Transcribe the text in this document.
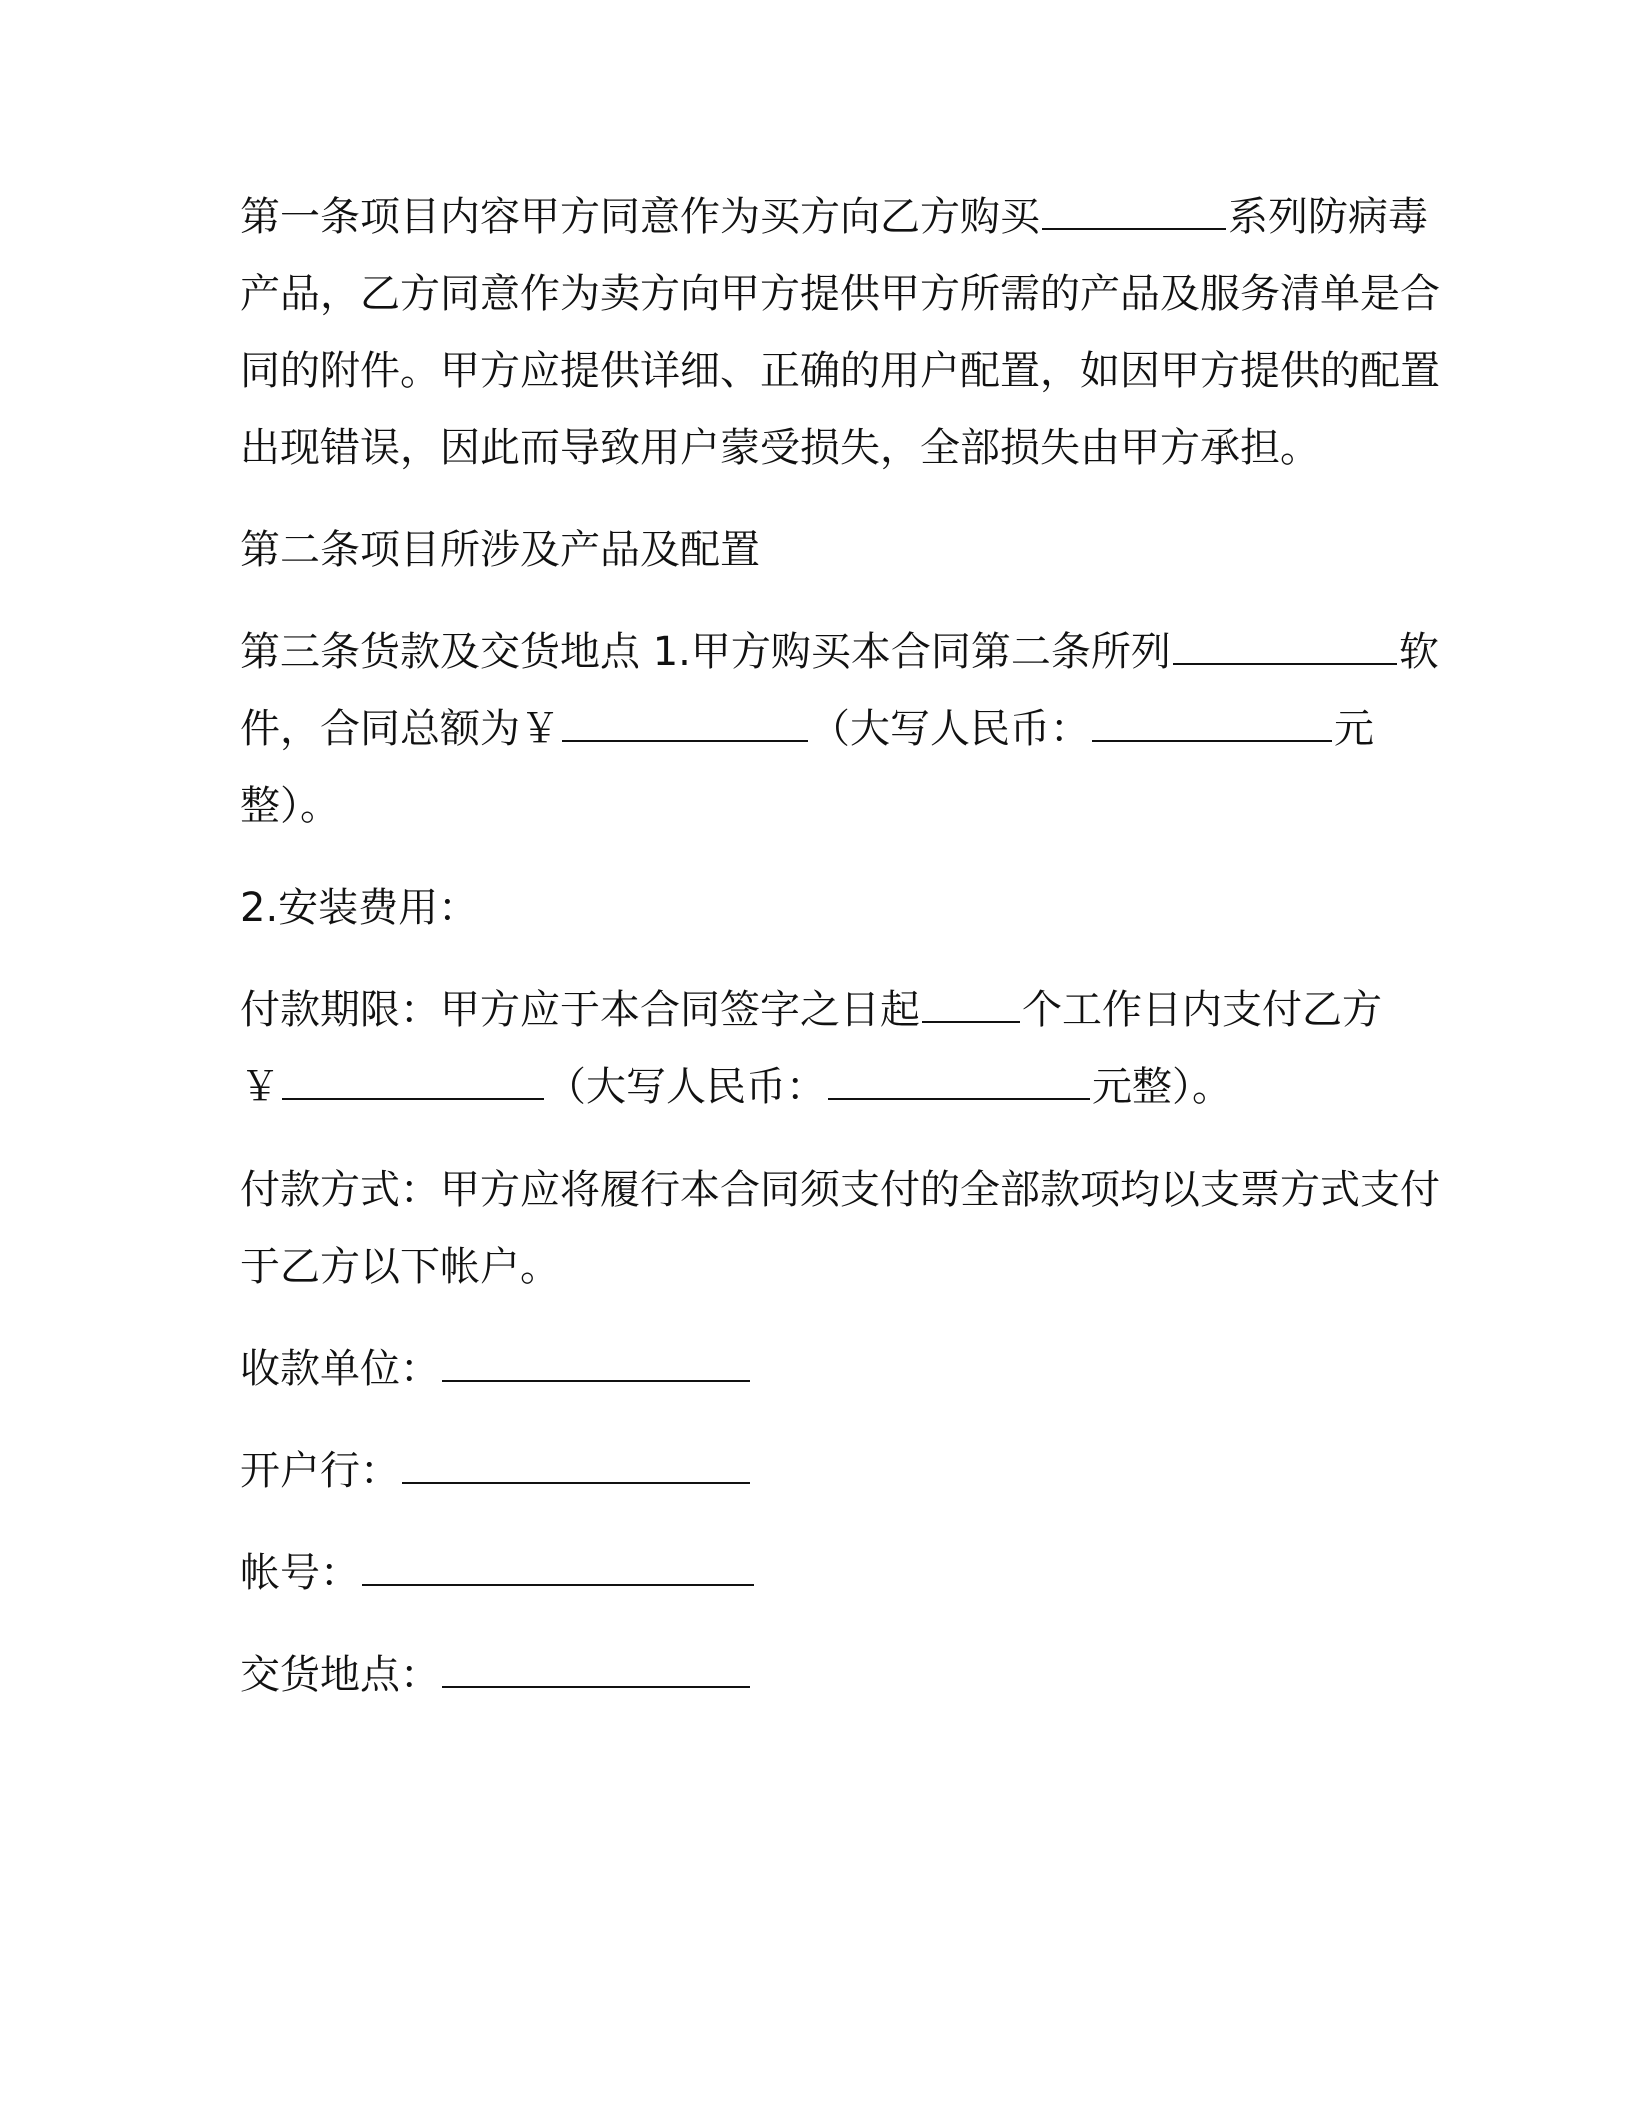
第一条项目内容甲方同意作为买方向乙方购买	系列防病毒
产品，乙方同意作为卖方向甲方提供甲方所需的产品及服务清单是合
同的附件。甲方应提供详细、正确的用户配置，如因甲方提供的配置
出现错误，因此而导致用户蒙受损失，全部损失由甲方承担。
第二条项目所涉及产品及配置
第三条货款及交货地点 1.甲方购买本合同第二条所列	软
件，合同总额为￥	（大写人民币：	元
整）。
2.安装费用：
付款期限：甲方应于本合同签字之日起	个工作日内支付乙方
￥	（大写人民币：	元整）。
付款方式：甲方应将履行本合同须支付的全部款项均以支票方式支付
于乙方以下帐户。
收款单位：
开户行：
帐号：
交货地点：
